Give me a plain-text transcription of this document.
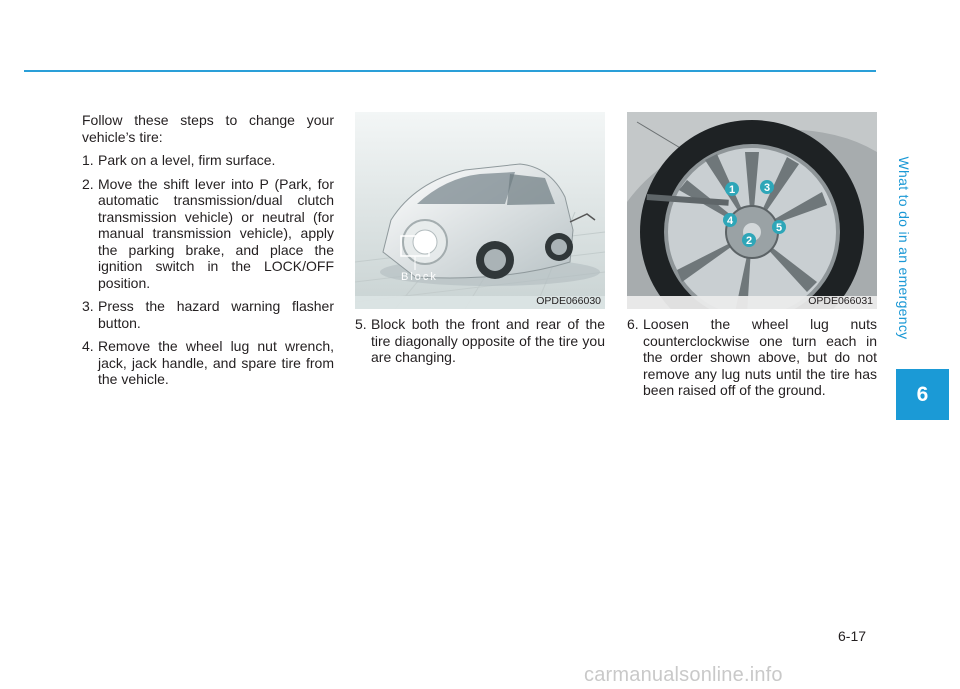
What to do in an emergency
6

Follow these steps to change your vehicle’s tire:

1. Park on a level, firm surface.
2. Move the shift lever into P (Park, for automatic transmission/dual clutch transmission vehicle) or neutral (for manual transmission vehicle), apply the parking brake, and place the ignition switch in the LOCK/OFF position.
3. Press the hazard warning flasher button.
4. Remove the wheel lug nut wrench, jack, jack handle, and spare tire from the vehicle.
Block
OPDE066030
1
2
3
4
5
OPDE066031
5. Block both the front and rear of the tire diagonally opposite of the tire you are changing.
6. Loosen the wheel lug nuts counterclockwise one turn each in the order shown above, but do not remove any lug nuts until the tire has been raised off of the ground.
6-17
carmanualsonline.info
